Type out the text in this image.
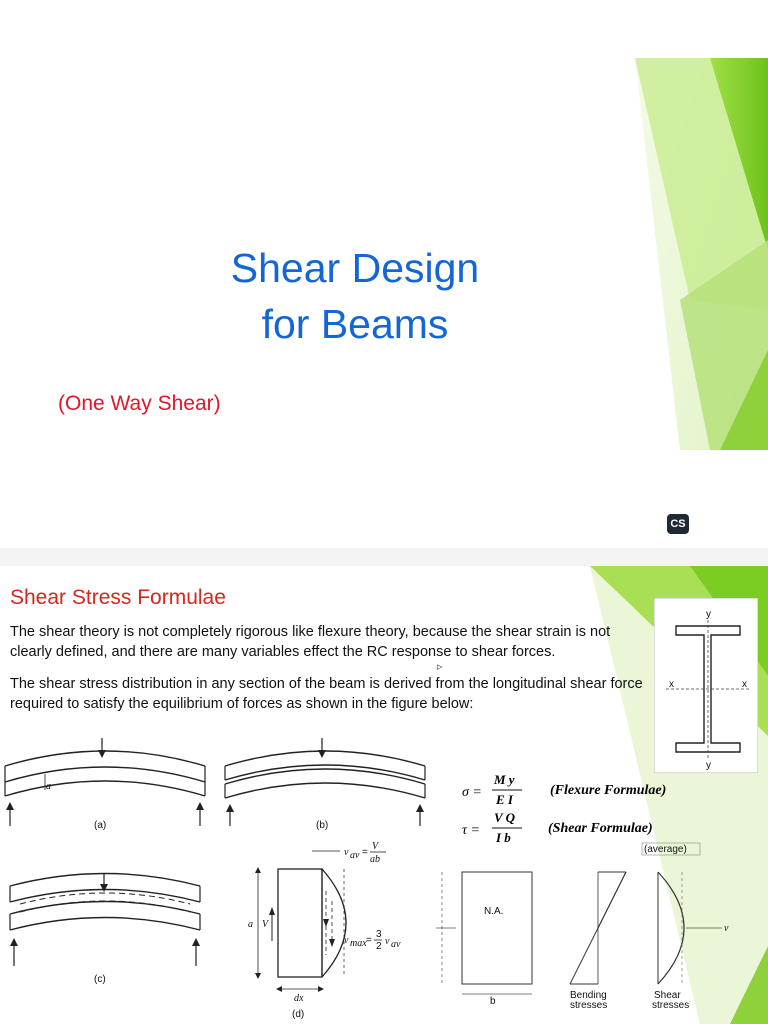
Shear Design
for Beams
(One Way Shear)
CS
Shear Stress Formulae
The shear theory is not completely rigorous like flexure theory, because the shear strain is not clearly defined, and there are many variables effect the RC response to shear forces.
The shear stress distribution in any section of the beam is derived from the longitudinal shear force required to satisfy the equilibrium of forces as shown in the figure below:
▹
y
y
x	x
a
(a)	(b)
σ =
M y
E I
(Flexure Formulae)
τ =
V Q
I b
(Shear Formulae)
(c)
v av =
V
ab
a V
v max =
3
2 v av
dx
(d)
N.A.
b
Bending
stresses
(average)
v
Shear
stresses
